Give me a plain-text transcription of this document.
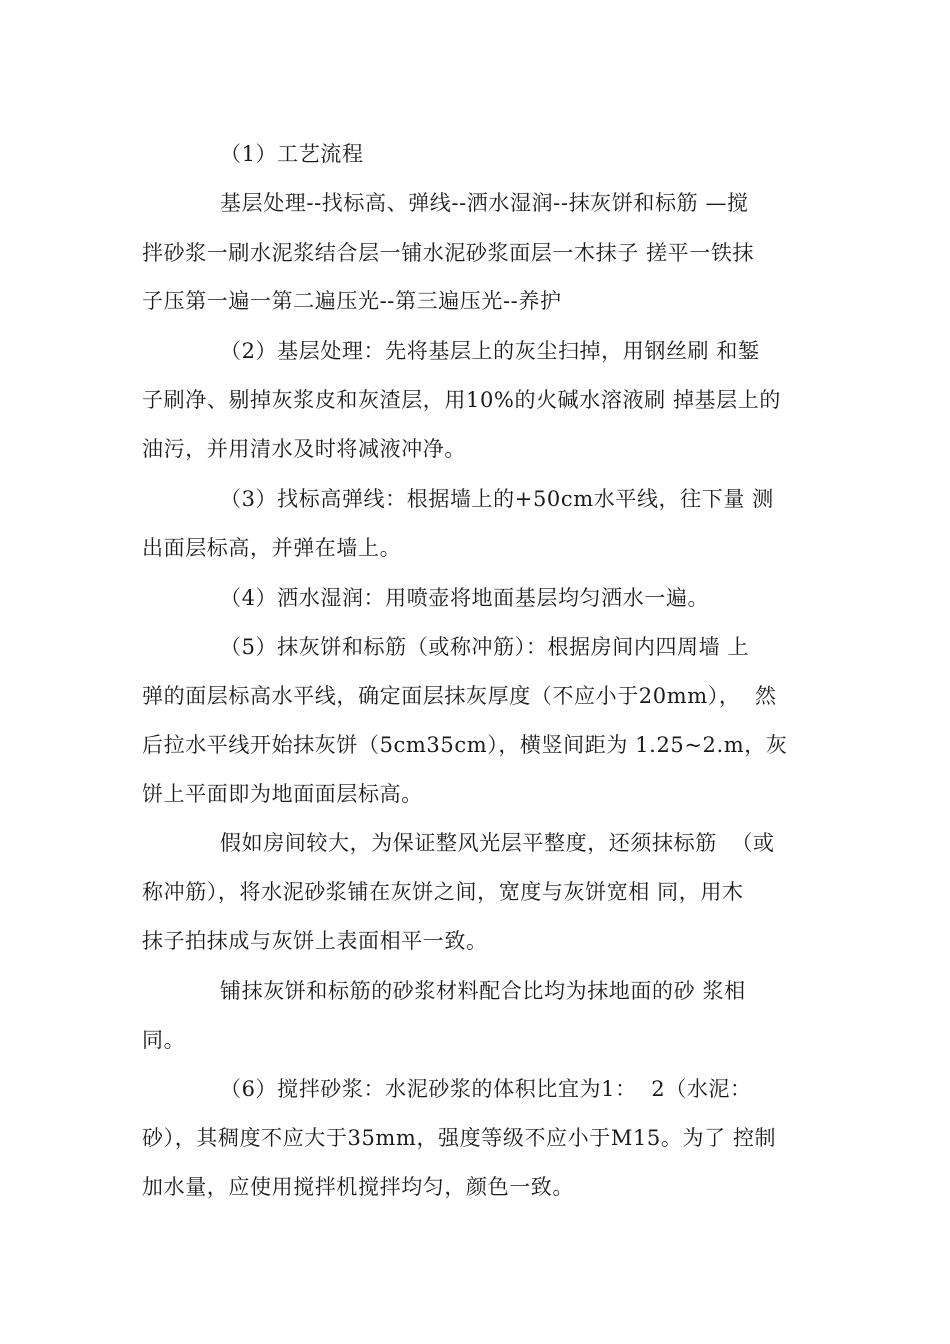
（1）工艺流程
基层处理--找标高、弹线--洒水湿润--抹灰饼和标筋 —搅
拌砂浆一刷水泥浆结合层一铺水泥砂浆面层一木抹子 搓平一铁抹
子压第一遍一第二遍压光--第三遍压光--养护
（2）基层处理：先将基层上的灰尘扫掉，用钢丝刷 和錾
子刷净、剔掉灰浆皮和灰渣层，用10%的火碱水溶液刷 掉基层上的
油污，并用清水及时将减液冲净。
（3）找标高弹线：根据墙上的+50cm水平线，往下量 测
出面层标高，并弹在墙上。
（4）洒水湿润：用喷壶将地面基层均匀洒水一遍。
（5）抹灰饼和标筋（或称冲筋）：根据房间内四周墙 上
弹的面层标高水平线，确定面层抹灰厚度（不应小于20mm），  然
后拉水平线开始抹灰饼（5cm35cm），横竖间距为 1.25~2.m，灰
饼上平面即为地面面层标高。
假如房间较大，为保证整风光层平整度，还须抹标筋  （或
称冲筋），将水泥砂浆铺在灰饼之间，宽度与灰饼宽相 同，用木
抹子拍抹成与灰饼上表面相平一致。
铺抹灰饼和标筋的砂浆材料配合比均为抹地面的砂 浆相
同。
（6）搅拌砂浆：水泥砂浆的体积比宜为1：  2（水泥：
砂），其稠度不应大于35mm，强度等级不应小于M15。为了 控制
加水量，应使用搅拌机搅拌均匀，颜色一致。
